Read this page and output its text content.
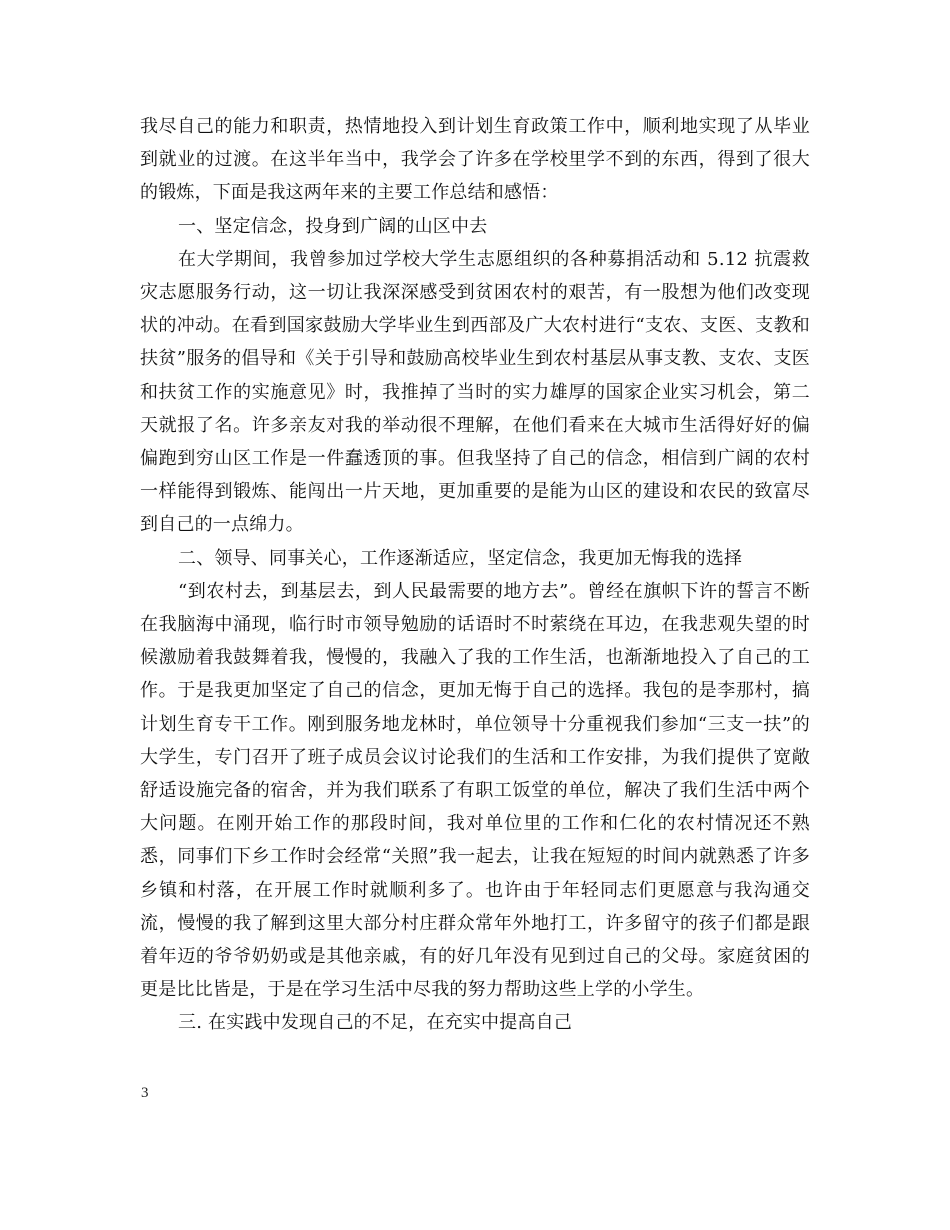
我尽自己的能力和职责，热情地投入到计划生育政策工作中，顺利地实现了从毕业到就业的过渡。在这半年当中，我学会了许多在学校里学不到的东西，得到了很大的锻炼，下面是我这两年来的主要工作总结和感悟：

一、坚定信念，投身到广阔的山区中去

在大学期间，我曾参加过学校大学生志愿组织的各种募捐活动和 5.12 抗震救灾志愿服务行动，这一切让我深深感受到贫困农村的艰苦，有一股想为他们改变现状的冲动。在看到国家鼓励大学毕业生到西部及广大农村进行“支农、支医、支教和扶贫”服务的倡导和《关于引导和鼓励高校毕业生到农村基层从事支教、支农、支医和扶贫工作的实施意见》时，我推掉了当时的实力雄厚的国家企业实习机会，第二天就报了名。许多亲友对我的举动很不理解，在他们看来在大城市生活得好好的偏偏跑到穷山区工作是一件蠢透顶的事。但我坚持了自己的信念，相信到广阔的农村一样能得到锻炼、能闯出一片天地，更加重要的是能为山区的建设和农民的致富尽到自己的一点绵力。

二、领导、同事关心，工作逐渐适应，坚定信念，我更加无悔我的选择

“到农村去，到基层去，到人民最需要的地方去”。曾经在旗帜下许的誓言不断在我脑海中涌现，临行时市领导勉励的话语时不时萦绕在耳边，在我悲观失望的时候激励着我鼓舞着我，慢慢的，我融入了我的工作生活，也渐渐地投入了自己的工作。于是我更加坚定了自己的信念，更加无悔于自己的选择。我包的是李那村，搞计划生育专干工作。刚到服务地龙林时，单位领导十分重视我们参加“三支一扶”的大学生，专门召开了班子成员会议讨论我们的生活和工作安排，为我们提供了宽敞舒适设施完备的宿舍，并为我们联系了有职工饭堂的单位，解决了我们生活中两个大问题。在刚开始工作的那段时间，我对单位里的工作和仁化的农村情况还不熟悉，同事们下乡工作时会经常“关照”我一起去，让我在短短的时间内就熟悉了许多乡镇和村落，在开展工作时就顺利多了。也许由于年轻同志们更愿意与我沟通交流，慢慢的我了解到这里大部分村庄群众常年外地打工，许多留守的孩子们都是跟着年迈的爷爷奶奶或是其他亲戚，有的好几年没有见到过自己的父母。家庭贫困的更是比比皆是，于是在学习生活中尽我的努力帮助这些上学的小学生。

三. 在实践中发现自己的不足，在充实中提高自己

3
